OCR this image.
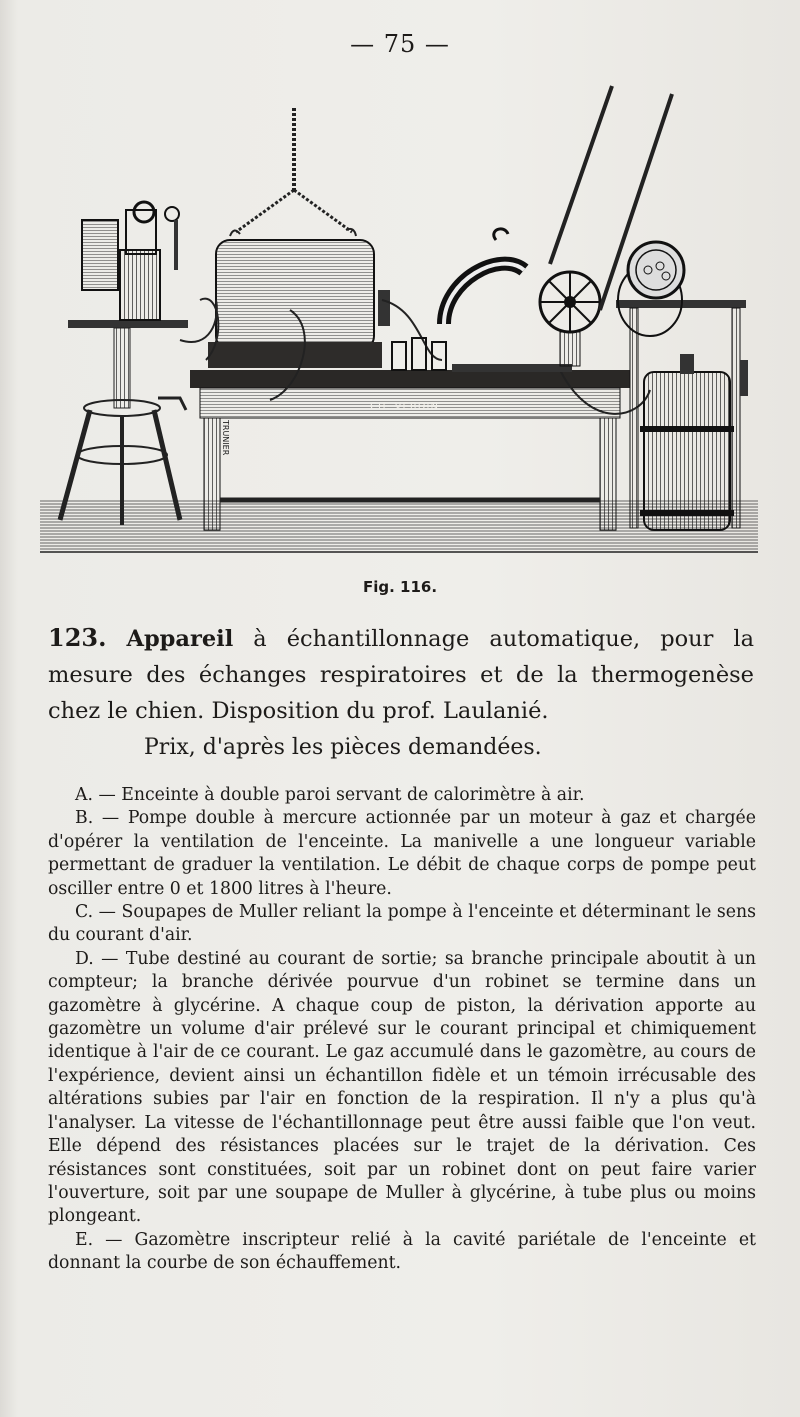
— 75 —
CH. VERDIN
TRUNIER
Fig. 116.
123. Appareil à échantillonnage automatique, pour la mesure des échanges respiratoires et de la thermogenèse chez le chien. Disposition du prof. Laulanié.
Prix, d'après les pièces demandées.

A. — Enceinte à double paroi servant de calorimètre à air.

B. — Pompe double à mercure actionnée par un moteur à gaz et chargée d'opérer la ventilation de l'enceinte. La manivelle a une longueur variable permettant de graduer la ventilation. Le débit de chaque corps de pompe peut osciller entre 0 et 1800 litres à l'heure.

C. — Soupapes de Muller reliant la pompe à l'enceinte et déterminant le sens du courant d'air.

D. — Tube destiné au courant de sortie; sa branche principale aboutit à un compteur; la branche dérivée pourvue d'un robinet se termine dans un gazomètre à glycérine. A chaque coup de piston, la dérivation apporte au gazomètre un volume d'air prélevé sur le courant principal et chimiquement identique à l'air de ce courant. Le gaz accumulé dans le gazomètre, au cours de l'expérience, devient ainsi un échantillon fidèle et un témoin irrécusable des altérations subies par l'air en fonction de la respiration. Il n'y a plus qu'à l'analyser. La vitesse de l'échantillonnage peut être aussi faible que l'on veut. Elle dépend des résistances placées sur le trajet de la dérivation. Ces résistances sont constituées, soit par un robinet dont on peut faire varier l'ouverture, soit par une soupape de Muller à glycérine, à tube plus ou moins plongeant.

E. — Gazomètre inscripteur relié à la cavité pariétale de l'enceinte et donnant la courbe de son échauffement.
